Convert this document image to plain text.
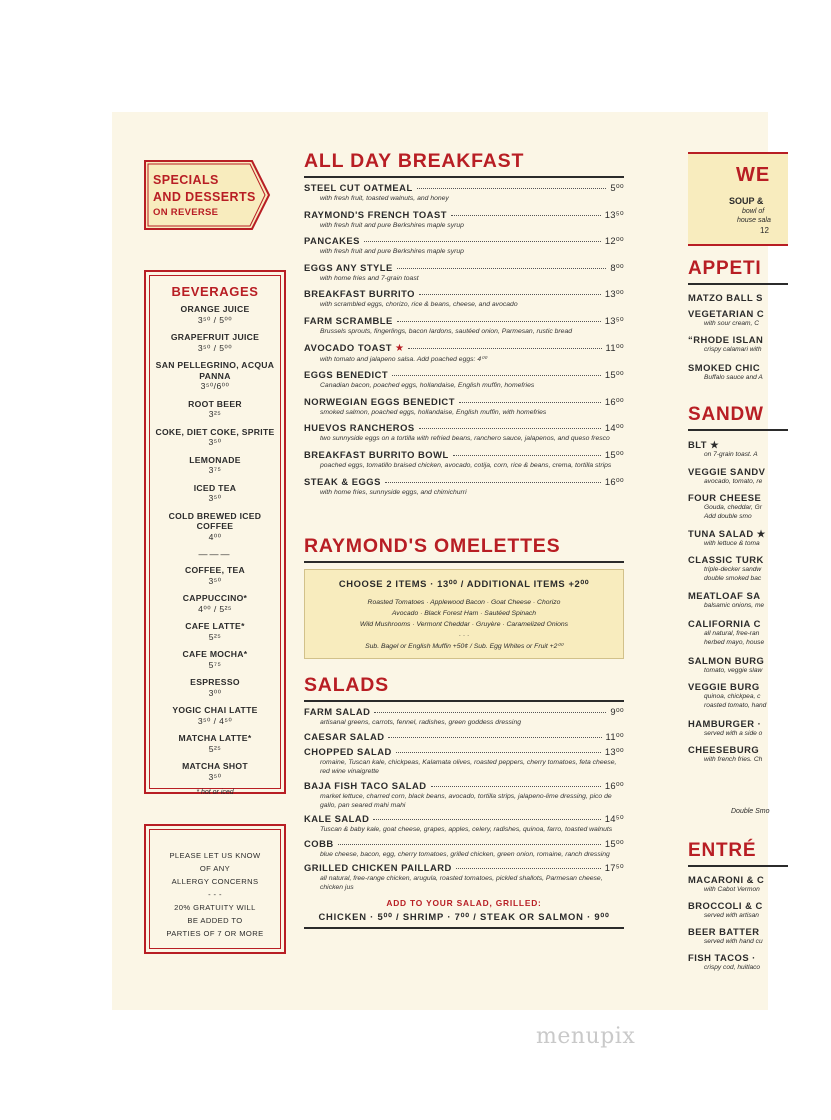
SPECIALS
AND DESSERTS
ON REVERSE
BEVERAGES
ORANGE JUICE
3⁵⁰ / 5⁰⁰
GRAPEFRUIT JUICE
3⁵⁰ / 5⁰⁰
SAN PELLEGRINO, ACQUA PANNA
3⁵⁰/6⁰⁰
ROOT BEER
3²⁵
COKE, DIET COKE, SPRITE
3⁵⁰
LEMONADE
3⁷⁵
ICED TEA
3⁵⁰
COLD BREWED ICED COFFEE
4⁰⁰
———
COFFEE, TEA
3⁵⁰
CAPPUCCINO*
4⁰⁰ / 5²⁵
CAFE LATTE*
5²⁵
CAFE MOCHA*
5⁷⁵
ESPRESSO
3⁰⁰
YOGIC CHAI LATTE
3⁵⁰ / 4⁵⁰
MATCHA LATTE*
5²⁵
MATCHA SHOT
3⁵⁰
* hot or iced
PLEASE LET US KNOW
OF ANY
ALLERGY CONCERNS
- - -
20% GRATUITY WILL
BE ADDED TO
PARTIES OF 7 OR MORE
ALL DAY BREAKFAST
STEEL CUT OATMEAL	5⁰⁰
with fresh fruit, toasted walnuts, and honey
RAYMOND'S FRENCH TOAST	13⁵⁰
with fresh fruit and pure Berkshires maple syrup
PANCAKES	12⁰⁰
with fresh fruit and pure Berkshires maple syrup
EGGS ANY STYLE	8⁰⁰
with home fries and 7-grain toast
BREAKFAST BURRITO	13⁰⁰
with scrambled eggs, chorizo, rice & beans, cheese, and avocado
FARM SCRAMBLE	13⁵⁰
Brussels sprouts, fingerlings, bacon lardons, sautéed onion, Parmesan, rustic bread
AVOCADO TOAST ★	11⁰⁰
with tomato and jalapeno salsa. Add poached eggs: 4⁰⁰
EGGS BENEDICT	15⁰⁰
Canadian bacon, poached eggs, hollandaise, English muffin, homefries
NORWEGIAN EGGS BENEDICT	16⁰⁰
smoked salmon, poached eggs, hollandaise, English muffin, with homefries
HUEVOS RANCHEROS	14⁰⁰
two sunnyside eggs on a tortilla with refried beans, ranchero sauce, jalapenos, and queso fresco
BREAKFAST BURRITO BOWL	15⁰⁰
poached eggs, tomatillo braised chicken, avocado, cotija, corn, rice & beans, crema, tortilla strips
STEAK & EGGS	16⁰⁰
with home fries, sunnyside eggs, and chimichurri
RAYMOND'S OMELETTES
CHOOSE 2 ITEMS · 13⁰⁰ / ADDITIONAL ITEMS +2⁰⁰
Roasted Tomatoes · Applewood Bacon · Goat Cheese · Chorizo
Avocado · Black Forest Ham · Sautéed Spinach
Wild Mushrooms · Vermont Cheddar · Gruyère · Caramelized Onions
· · ·
Sub. Bagel or English Muffin +50¢ / Sub. Egg Whites or Fruit +2⁰⁰
SALADS
FARM SALAD	9⁰⁰
artisanal greens, carrots, fennel, radishes, green goddess dressing
CAESAR SALAD	11⁰⁰
CHOPPED SALAD	13⁰⁰
romaine, Tuscan kale, chickpeas, Kalamata olives, roasted peppers, cherry tomatoes, feta cheese, red wine vinaigrette
BAJA FISH TACO SALAD	16⁰⁰
market lettuce, charred corn, black beans, avocado, tortilla strips, jalapeno-lime dressing, pico de gallo, pan seared mahi mahi
KALE SALAD	14⁵⁰
Tuscan & baby kale, goat cheese, grapes, apples, celery, radishes, quinoa, farro, toasted walnuts
COBB	15⁰⁰
blue cheese, bacon, egg, cherry tomatoes, grilled chicken, green onion, romaine, ranch dressing
GRILLED CHICKEN PAILLARD	17⁵⁰
all natural, free-range chicken, arugula, roasted tomatoes, pickled shallots, Parmesan cheese, chicken jus
ADD TO YOUR SALAD, GRILLED:
CHICKEN · 5⁰⁰ / SHRIMP · 7⁰⁰ / STEAK OR SALMON · 9⁰⁰
WE
SOUP &
bowl of
house sala
12
APPETI
MATZO BALL S
VEGETARIAN C
with sour cream, C
“RHODE ISLAN
crispy calamari with
SMOKED CHIC
Buffalo sauce and A
SANDW
BLT ★
on 7-grain toast. A
VEGGIE SANDV
avocado, tomato, re
FOUR CHEESE
Gouda, cheddar, Gr
Add double smo
TUNA SALAD ★
with lettuce & toma
CLASSIC TURK
triple-decker sandw
double smoked bac
MEATLOAF SA
balsamic onions, me
CALIFORNIA C
all natural, free-ran
herbed mayo, house
SALMON BURG
tomato, veggie slaw
VEGGIE BURG
quinoa, chickpea, c
roasted tomato, hand
HAMBURGER ·
served with a side o
CHEESEBURG
with french fries. Ch
Double Smo
ENTRÉ
MACARONI & C
with Cabot Vermon
BROCCOLI & C
served with artisan
BEER BATTER
served with hand cu
FISH TACOS ·
crispy cod, huitlaco
menupix
